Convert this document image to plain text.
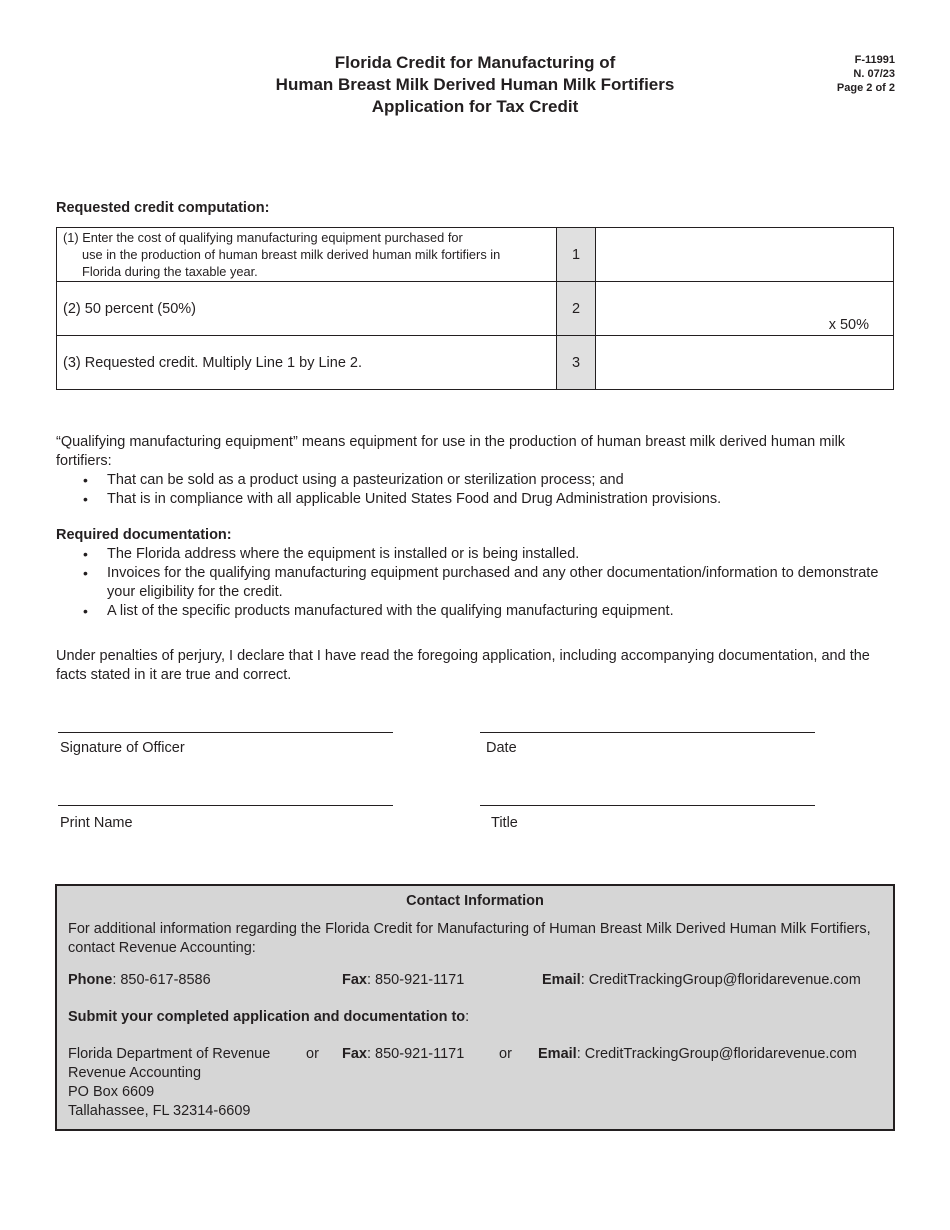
Florida Credit for Manufacturing of
Human Breast Milk Derived Human Milk Fortifiers
Application for Tax Credit
F-11991
N. 07/23
Page 2 of 2
Requested credit computation:
(1) Enter the cost of qualifying manufacturing equipment purchased for
use in the production of human breast milk derived human milk fortifiers in
Florida during the taxable year.	1	
(2) 50 percent (50%)	2	x 50%

(3) Requested credit. Multiply Line 1 by Line 2.	3	
“Qualifying manufacturing equipment” means equipment for use in the production of human breast milk derived human milk fortifiers:
• That can be sold as a product using a pasteurization or sterilization process; and
• That is in compliance with all applicable United States Food and Drug Administration provisions.
Required documentation:
• The Florida address where the equipment is installed or is being installed.
• Invoices for the qualifying manufacturing equipment purchased and any other documentation/information to demonstrate your eligibility for the credit.
• A list of the specific products manufactured with the qualifying manufacturing equipment.
Under penalties of perjury, I declare that I have read the foregoing application, including accompanying documentation, and the facts stated in it are true and correct.
Signature of Officer	Date
Print Name	Title
Contact Information
For additional information regarding the Florida Credit for Manufacturing of Human Breast Milk Derived Human Milk Fortifiers, contact Revenue Accounting:
Phone: 850-617-8586	Fax: 850-921-1171	Email: CreditTrackingGroup@floridarevenue.com
Submit your completed application and documentation to:
Florida Department of Revenue
Revenue Accounting
PO Box 6609
Tallahassee, FL 32314-6609
or Fax: 850-921-1171 or Email: CreditTrackingGroup@floridarevenue.com
